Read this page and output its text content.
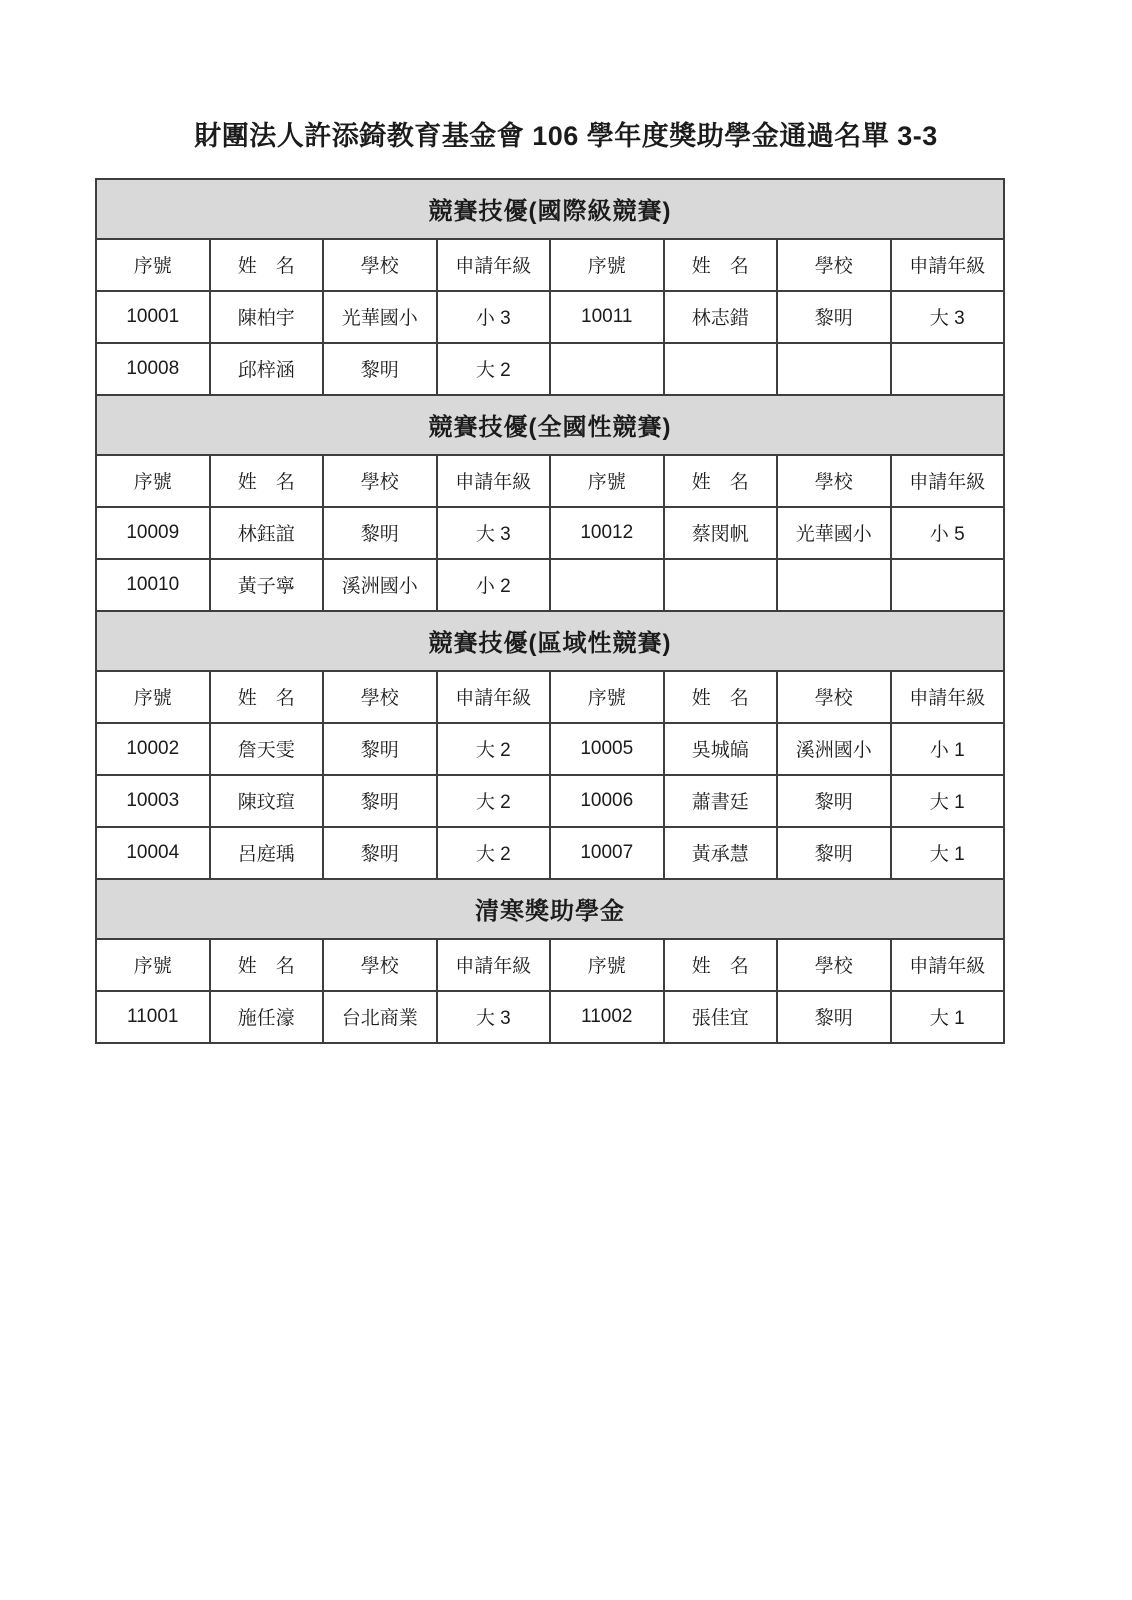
財團法人許添錡教育基金會 106 學年度獎助學金通過名單 3-3
競賽技優(國際級競賽)							
序號	姓　名	學校	申請年級	序號	姓　名	學校	申請年級
10001	陳柏宇	光華國小	小 3	10011	林志錯	黎明	大 3
10008	邱梓涵	黎明	大 2				
競賽技優(全國性競賽)							
序號	姓　名	學校	申請年級	序號	姓　名	學校	申請年級
10009	林鈺誼	黎明	大 3	10012	蔡閔帆	光華國小	小 5
10010	黃子寧	溪洲國小	小 2				
競賽技優(區域性競賽)							
序號	姓　名	學校	申請年級	序號	姓　名	學校	申請年級
10002	詹天雯	黎明	大 2	10005	吳城皜	溪洲國小	小 1
10003	陳玟瑄	黎明	大 2	10006	蕭書廷	黎明	大 1
10004	呂庭瑀	黎明	大 2	10007	黃承慧	黎明	大 1
清寒獎助學金							
序號	姓　名	學校	申請年級	序號	姓　名	學校	申請年級
11001	施任濠	台北商業	大 3	11002	張佳宜	黎明	大 1
